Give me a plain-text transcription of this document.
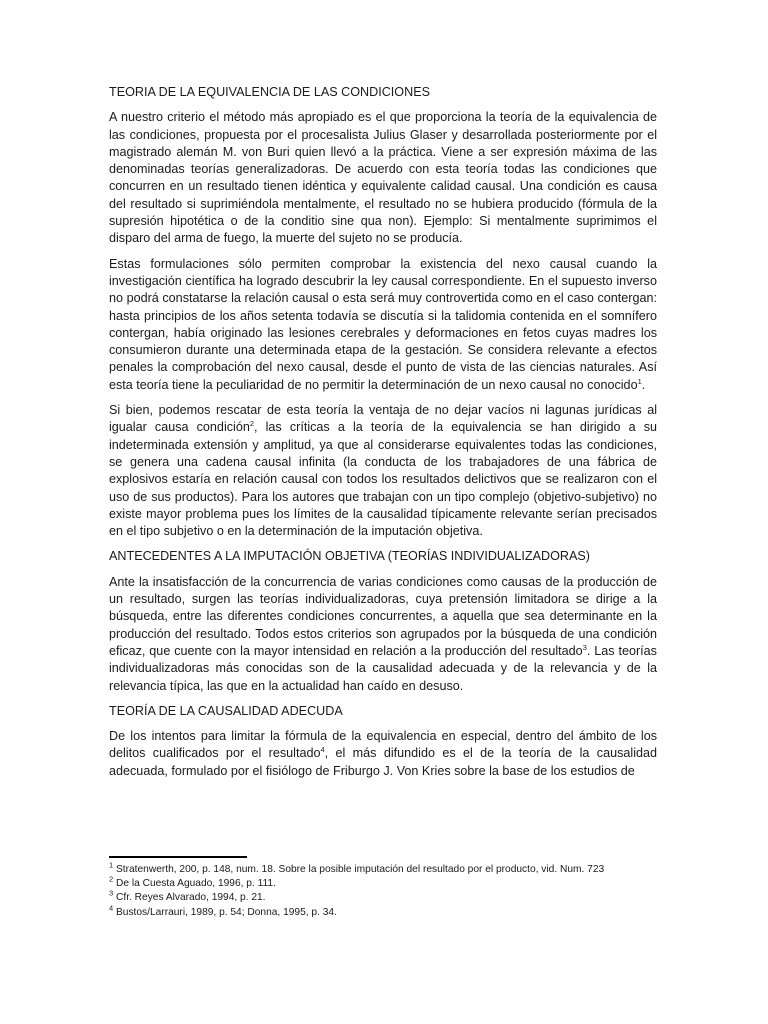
TEORIA DE LA EQUIVALENCIA DE LAS CONDICIONES

A nuestro criterio el método más apropiado es el que proporciona la teoría de la equivalencia de las condiciones, propuesta por el procesalista Julius Glaser y desarrollada posteriormente por el magistrado alemán M. von Buri quien llevó a la práctica. Viene a ser expresión máxima de las denominadas teorías generalizadoras. De acuerdo con esta teoría todas las condiciones que concurren en un resultado tienen idéntica y equivalente calidad causal. Una condición es causa del resultado si suprimiéndola mentalmente, el resultado no se hubiera producido (fórmula de la supresión hipotética o de la conditio sine qua non). Ejemplo: Si mentalmente suprimimos el disparo del arma de fuego, la muerte del sujeto no se producía.

Estas formulaciones sólo permiten comprobar la existencia del nexo causal cuando la investigación científica ha logrado descubrir la ley causal correspondiente. En el supuesto inverso no podrá constatarse la relación causal o esta será muy controvertida como en el caso contergan: hasta principios de los años setenta todavía se discutía si la talidomia contenida en el somnífero contergan, había originado las lesiones cerebrales y deformaciones en fetos cuyas madres los consumieron durante una determinada etapa de la gestación. Se considera relevante a efectos penales la comprobación del nexo causal, desde el punto de vista de las ciencias naturales. Así esta teoría tiene la peculiaridad de no permitir la determinación de un nexo causal no conocido$^1$.

Si bien, podemos rescatar de esta teoría la ventaja de no dejar vacíos ni lagunas jurídicas al igualar causa condición$^2$, las críticas a la teoría de la equivalencia se han dirigido a su indeterminada extensión y amplitud, ya que al considerarse equivalentes todas las condiciones, se genera una cadena causal infinita (la conducta de los trabajadores de una fábrica de explosivos estaría en relación causal con todos los resultados delictivos que se realizaron con el uso de sus productos). Para los autores que trabajan con un tipo complejo (objetivo-subjetivo) no existe mayor problema pues los límites de la causalidad típicamente relevante serían precisados en el tipo subjetivo o en la determinación de la imputación objetiva.

ANTECEDENTES A LA IMPUTACIÓN OBJETIVA (TEORÍAS INDIVIDUALIZADORAS)

Ante la insatisfacción de la concurrencia de varias condiciones como causas de la producción de un resultado, surgen las teorías individualizadoras, cuya pretensión limitadora se dirige a la búsqueda, entre las diferentes condiciones concurrentes, a aquella que sea determinante en la producción del resultado. Todos estos criterios son agrupados por la búsqueda de una condición eficaz, que cuente con la mayor intensidad en relación a la producción del resultado$^3$. Las teorías individualizadoras más conocidas son de la causalidad adecuada y de la relevancia y de la relevancia típica, las que en la actualidad han caído en desuso.

TEORÍA DE LA CAUSALIDAD ADECUDA

De los intentos para limitar la fórmula de la equivalencia en especial, dentro del ámbito de los delitos cualificados por el resultado$^4$, el más difundido es el de la teoría de la causalidad adecuada, formulado por el fisiólogo de Friburgo J. Von Kries sobre la base de los estudios de

$^1$ Stratenwerth, 200, p. 148, num. 18. Sobre la posible imputación del resultado por el producto, vid. Num. 723

$^2$ De la Cuesta Aguado, 1996, p. 111.

$^3$ Cfr. Reyes Alvarado, 1994, p. 21.

$^4$ Bustos/Larrauri, 1989, p. 54; Donna, 1995, p. 34.
